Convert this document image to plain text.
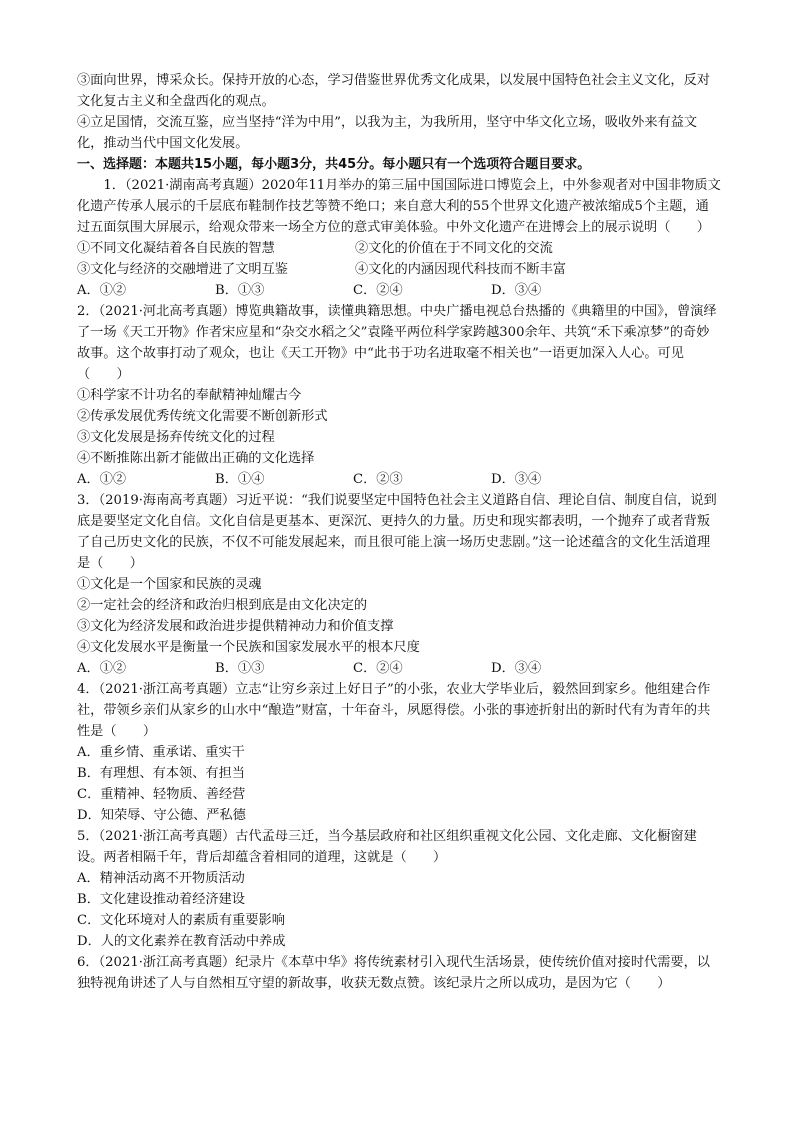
③面向世界，博采众长。保持开放的心态，学习借鉴世界优秀文化成果，以发展中国特色社会主义文化，反对文化复古主义和全盘西化的观点。

④立足国情，交流互鉴，应当坚持“洋为中用”，以我为主，为我所用，坚守中华文化立场，吸收外来有益文化，推动当代中国文化发展。

一、选择题：本题共15小题，每小题3分，共45分。每小题只有一个选项符合题目要求。

1．（2021·湖南高考真题）2020年11月举办的第三届中国国际进口博览会上，中外参观者对中国非物质文化遗产传承人展示的千层底布鞋制作技艺等赞不绝口；来自意大利的55个世界文化遗产被浓缩成5个主题，通过五面氛围大屏展示，给观众带来一场全方位的意式审美体验。中外文化遗产在进博会上的展示说明（　　）

①不同文化凝结着各自民族的智慧	②文化的价值在于不同文化的交流
③文化与经济的交融增进了文明互鉴	④文化的内涵因现代科技而不断丰富
A．①②	B．①③	C．②④	D．③④

2．（2021·河北高考真题）博览典籍故事，读懂典籍思想。中央广播电视总台热播的《典籍里的中国》，曾演绎了一场《天工开物》作者宋应星和“杂交水稻之父”袁隆平两位科学家跨越300余年、共筑“禾下乘凉梦”的奇妙故事。这个故事打动了观众，也让《天工开物》中“此书于功名进取毫不相关也”一语更加深入人心。可见（　　）

①科学家不计功名的奉献精神灿耀古今

②传承发展优秀传统文化需要不断创新形式

③文化发展是扬弃传统文化的过程

④不断推陈出新才能做出正确的文化选择

A．①②	B．①④	C．②③	D．③④

3．（2019·海南高考真题）习近平说：“我们说要坚定中国特色社会主义道路自信、理论自信、制度自信，说到底是要坚定文化自信。文化自信是更基本、更深沉、更持久的力量。历史和现实都表明，一个抛弃了或者背叛了自己历史文化的民族，不仅不可能发展起来，而且很可能上演一场历史悲剧。”这一论述蕴含的文化生活道理是（　　）

①文化是一个国家和民族的灵魂

②一定社会的经济和政治归根到底是由文化决定的

③文化为经济发展和政治进步提供精神动力和价值支撑

④文化发展水平是衡量一个民族和国家发展水平的根本尺度

A．①②	B．①③	C．②④	D．③④

4．（2021·浙江高考真题）立志“让穷乡亲过上好日子”的小张，农业大学毕业后，毅然回到家乡。他组建合作社，带领乡亲们从家乡的山水中“酿造”财富，十年奋斗，夙愿得偿。小张的事迹折射出的新时代有为青年的共性是（　　）

A．重乡情、重承诺、重实干

B．有理想、有本领、有担当

C．重精神、轻物质、善经营

D．知荣辱、守公德、严私德

5．（2021·浙江高考真题）古代孟母三迁，当今基层政府和社区组织重视文化公园、文化走廊、文化橱窗建设。两者相隔千年，背后却蕴含着相同的道理，这就是（　　）

A．精神活动离不开物质活动

B．文化建设推动着经济建设

C．文化环境对人的素质有重要影响

D．人的文化素养在教育活动中养成

6．（2021·浙江高考真题）纪录片《本草中华》将传统素材引入现代生活场景，使传统价值对接时代需要，以独特视角讲述了人与自然相互守望的新故事，收获无数点赞。该纪录片之所以成功，是因为它（　　）
